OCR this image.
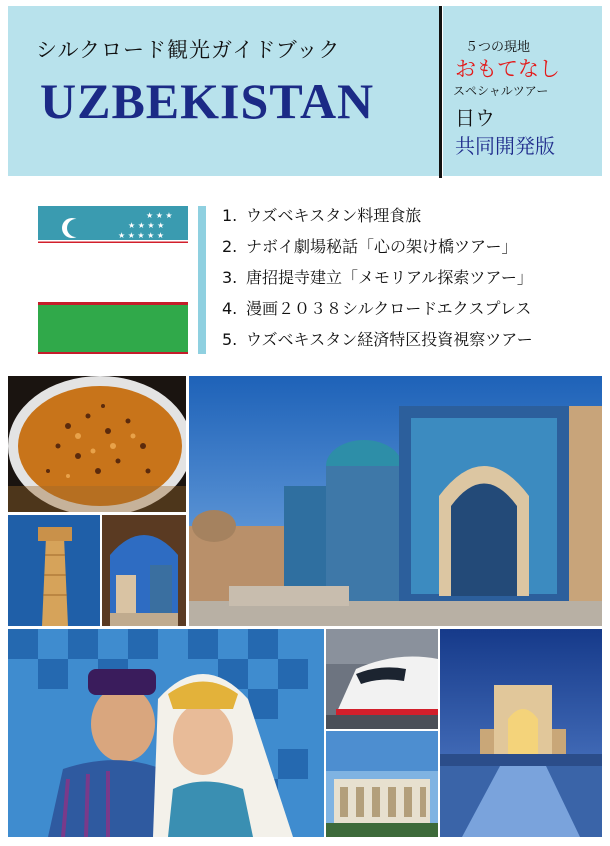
シルクロード観光ガイドブック
UZBEKISTAN
５つの現地
おもてなし
スペシャルツアー
日ウ
共同開発版
★ ★ ★
★ ★ ★ ★
★ ★ ★ ★ ★
1. ウズベキスタン料理食旅
2. ナボイ劇場秘話「心の架け橋ツアー」
3. 唐招提寺建立「メモリアル探索ツアー」
4. 漫画２０３８シルクロードエクスプレス
5. ウズベキスタン経済特区投資視察ツアー
